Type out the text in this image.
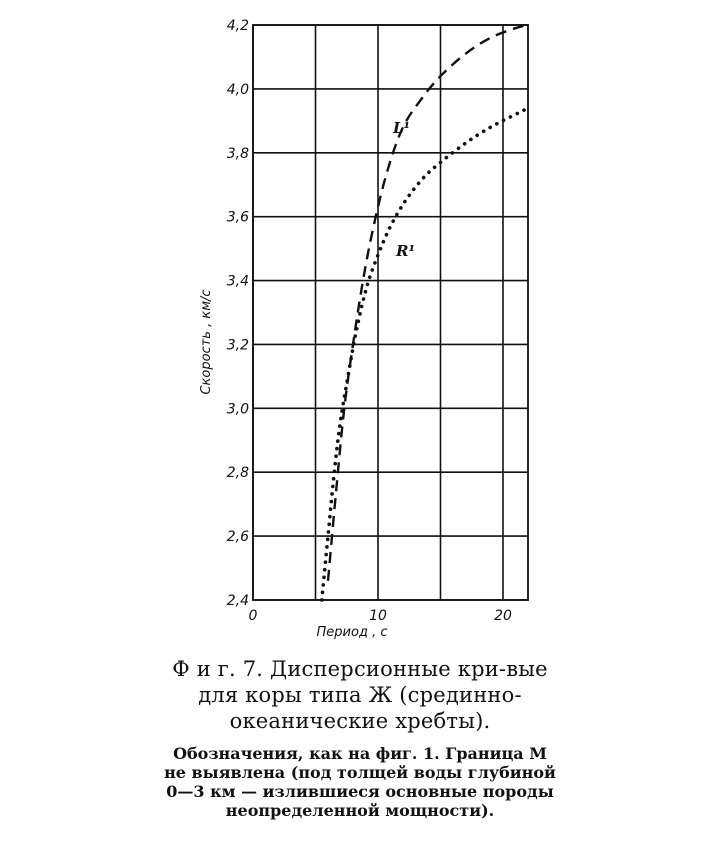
2,4
2,6
2,8
3,0
3,2
3,4
3,6
3,8
4,0
4,2
0	10	20
L¹
R¹
Период , с
Скорость , км/с

Ф и г. 7. Дисперсионные кри-вые для коры типа Ж (срединно-океанические хребты).

Обозначения, как на фиг. 1. Граница M не выявлена (под толщей воды глубиной 0—3 км — излившиеся основные породы неопределенной мощности).
